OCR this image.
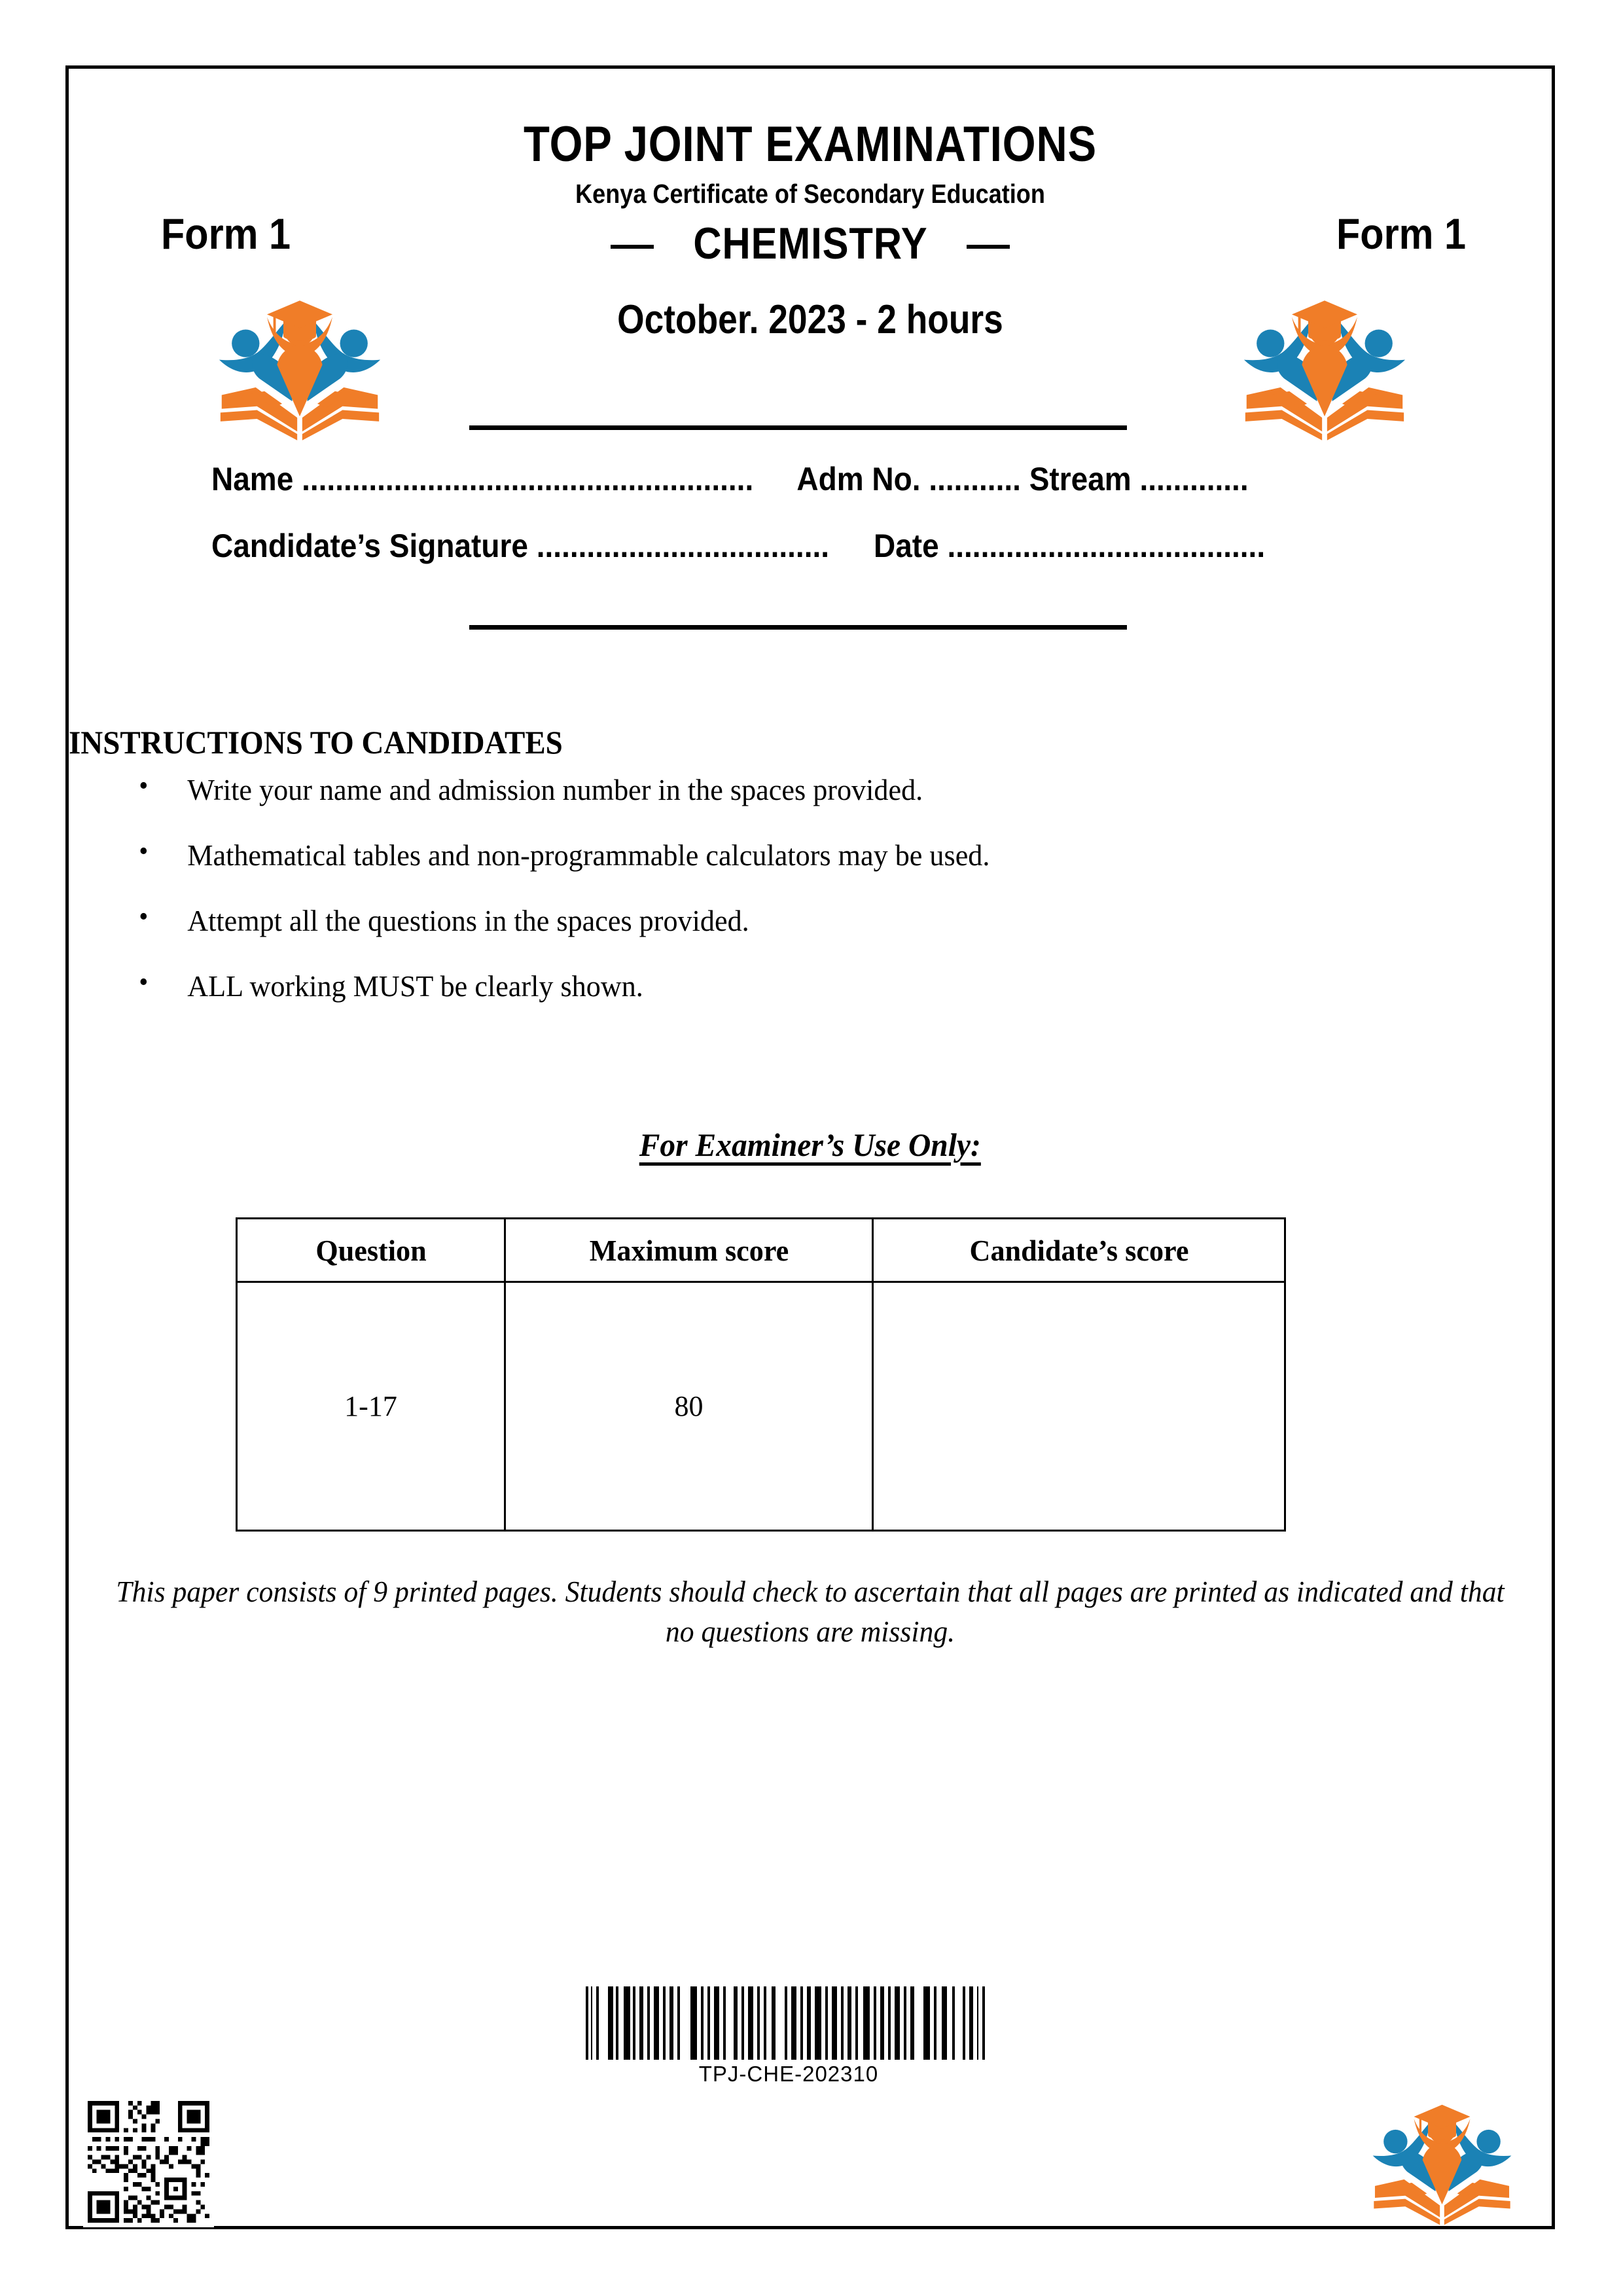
TOP JOINT EXAMINATIONS
Kenya Certificate of Secondary Education
Form 1	Form 1
— CHEMISTRY —
October. 2023 - 2 hours
Name ...................................................... Adm No. ........... Stream .............
Candidate’s Signature ................................... Date ......................................
INSTRUCTIONS TO CANDIDATES
• Write your name and admission number in the spaces provided.
• Mathematical tables and non-programmable calculators may be used.
• Attempt all the questions in the spaces provided.
• ALL working MUST be clearly shown.
For Examiner’s Use Only:
Question	Maximum score	Candidate’s score
1-17	80	
This paper consists of 9 printed pages. Students should check to ascertain that all pages are printed as indicated and that no questions are missing.
TPJ-CHE-202310
